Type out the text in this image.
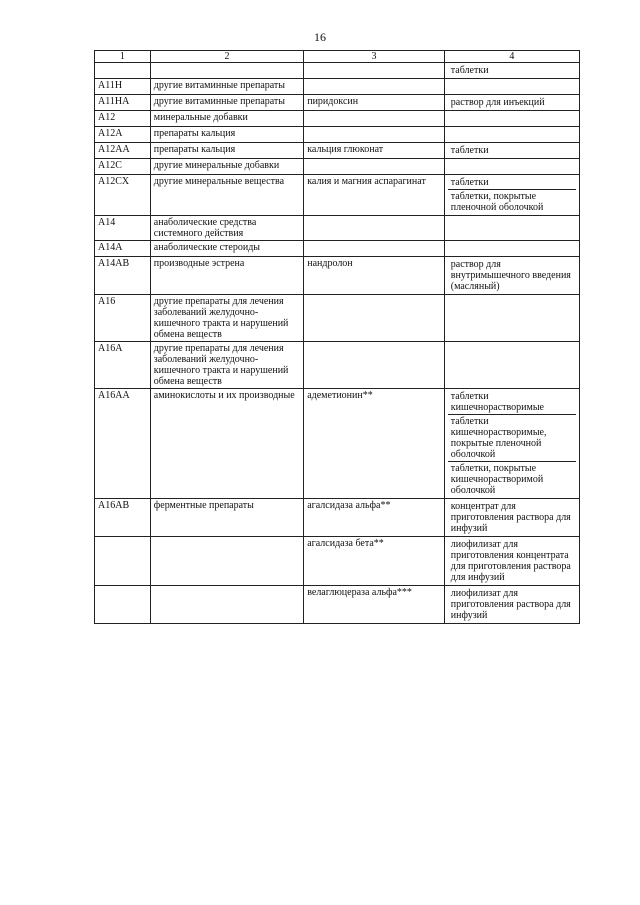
16
1	2	3	4

			таблетки

A11H	другие витаминные препараты		

A11HA	другие витаминные препараты	пиридоксин	раствор для инъекций

A12	минеральные добавки		

A12A	препараты кальция		

A12AA	препараты кальция	кальция глюконат	таблетки

A12C	другие минеральные добавки		

A12CX	другие минеральные вещества	калия и магния аспарагинат	таблетки
таблетки, покрытые пленочной оболочкой

A14	анаболические средства системного действия		

A14A	анаболические стероиды		

A14AB	производные эстрена	нандролон	раствор для внутримышечного введения (масляный)

A16	другие препараты для лечения заболеваний желудочно-кишечного тракта и нарушений обмена веществ		

A16A	другие препараты для лечения заболеваний желудочно-кишечного тракта и нарушений обмена веществ		

A16AA	аминокислоты и их производные	адеметионин**	таблетки кишечнорастворимые
таблетки кишечнорастворимые, покрытые пленочной оболочкой
таблетки, покрытые кишечнорастворимой оболочкой

A16AB	ферментные препараты	агалсидаза альфа**	концентрат для приготовления раствора для инфузий

		агалсидаза бета**	лиофилизат для приготовления концентрата для приготовления раствора для инфузий

		велаглюцераза альфа***	лиофилизат для приготовления раствора для инфузий
